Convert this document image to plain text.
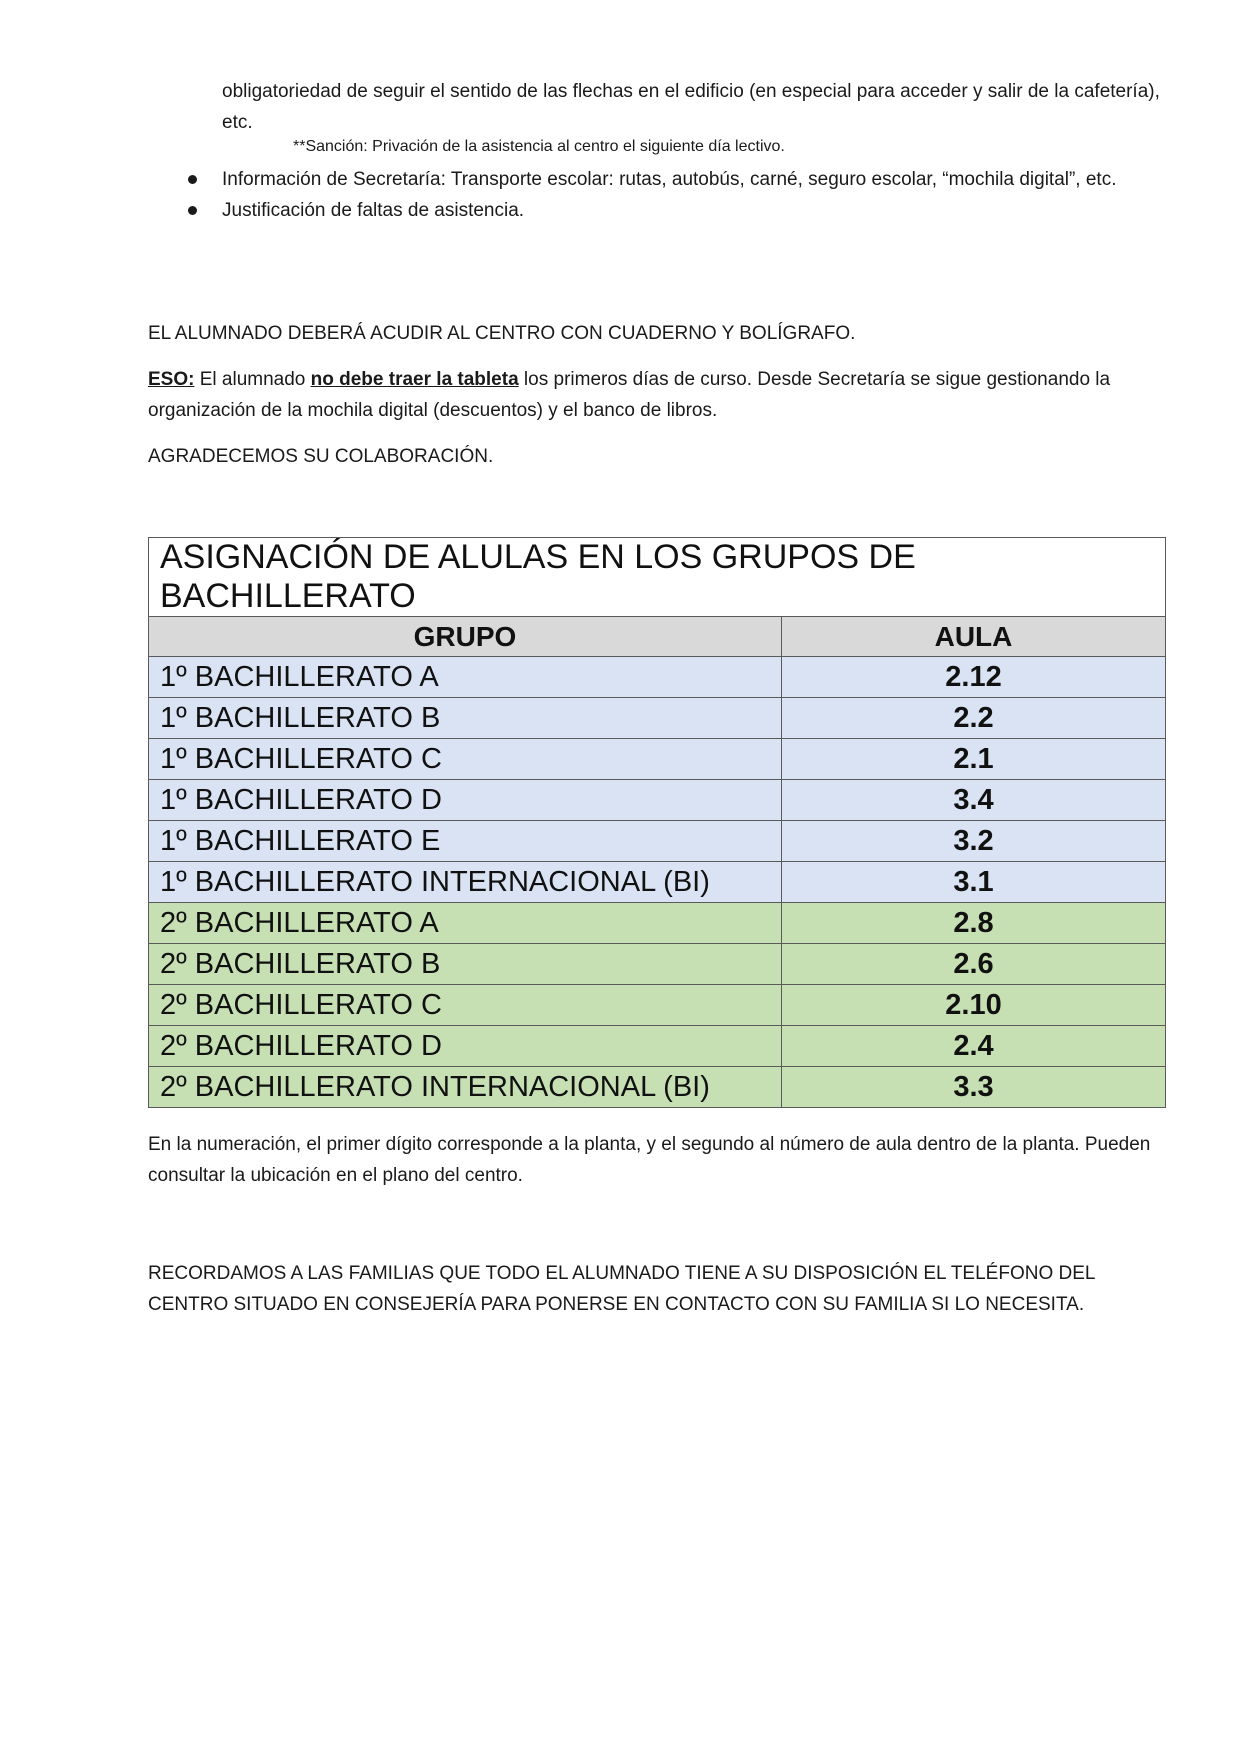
obligatoriedad de seguir el sentido de las flechas en el edificio (en especial para acceder y salir de la cafetería), etc.

**Sanción: Privación de la asistencia al centro el siguiente día lectivo.

Información de Secretaría: Transporte escolar: rutas, autobús, carné, seguro escolar, “mochila digital”, etc.
Justificación de faltas de asistencia.

EL ALUMNADO DEBERÁ ACUDIR AL CENTRO CON CUADERNO Y BOLÍGRAFO.

ESO: El alumnado no debe traer la tableta los primeros días de curso. Desde Secretaría se sigue gestionando la organización de la mochila digital (descuentos) y el banco de libros.

AGRADECEMOS SU COLABORACIÓN.

ASIGNACIÓN DE ALULAS EN LOS GRUPOS DE BACHILLERATO	
GRUPO	AULA
1º BACHILLERATO A	2.12
1º BACHILLERATO B	2.2
1º BACHILLERATO C	2.1
1º BACHILLERATO D	3.4
1º BACHILLERATO E	3.2
1º BACHILLERATO INTERNACIONAL (BI)	3.1
2º BACHILLERATO A	2.8
2º BACHILLERATO B	2.6
2º BACHILLERATO C	2.10
2º BACHILLERATO D	2.4
2º BACHILLERATO INTERNACIONAL (BI)	3.3

En la numeración, el primer dígito corresponde a la planta, y el segundo al número de aula dentro de la planta. Pueden consultar la ubicación en el plano del centro.

RECORDAMOS A LAS FAMILIAS QUE TODO EL ALUMNADO TIENE A SU DISPOSICIÓN EL TELÉFONO DEL CENTRO SITUADO EN CONSEJERÍA PARA PONERSE EN CONTACTO CON SU FAMILIA SI LO NECESITA.
